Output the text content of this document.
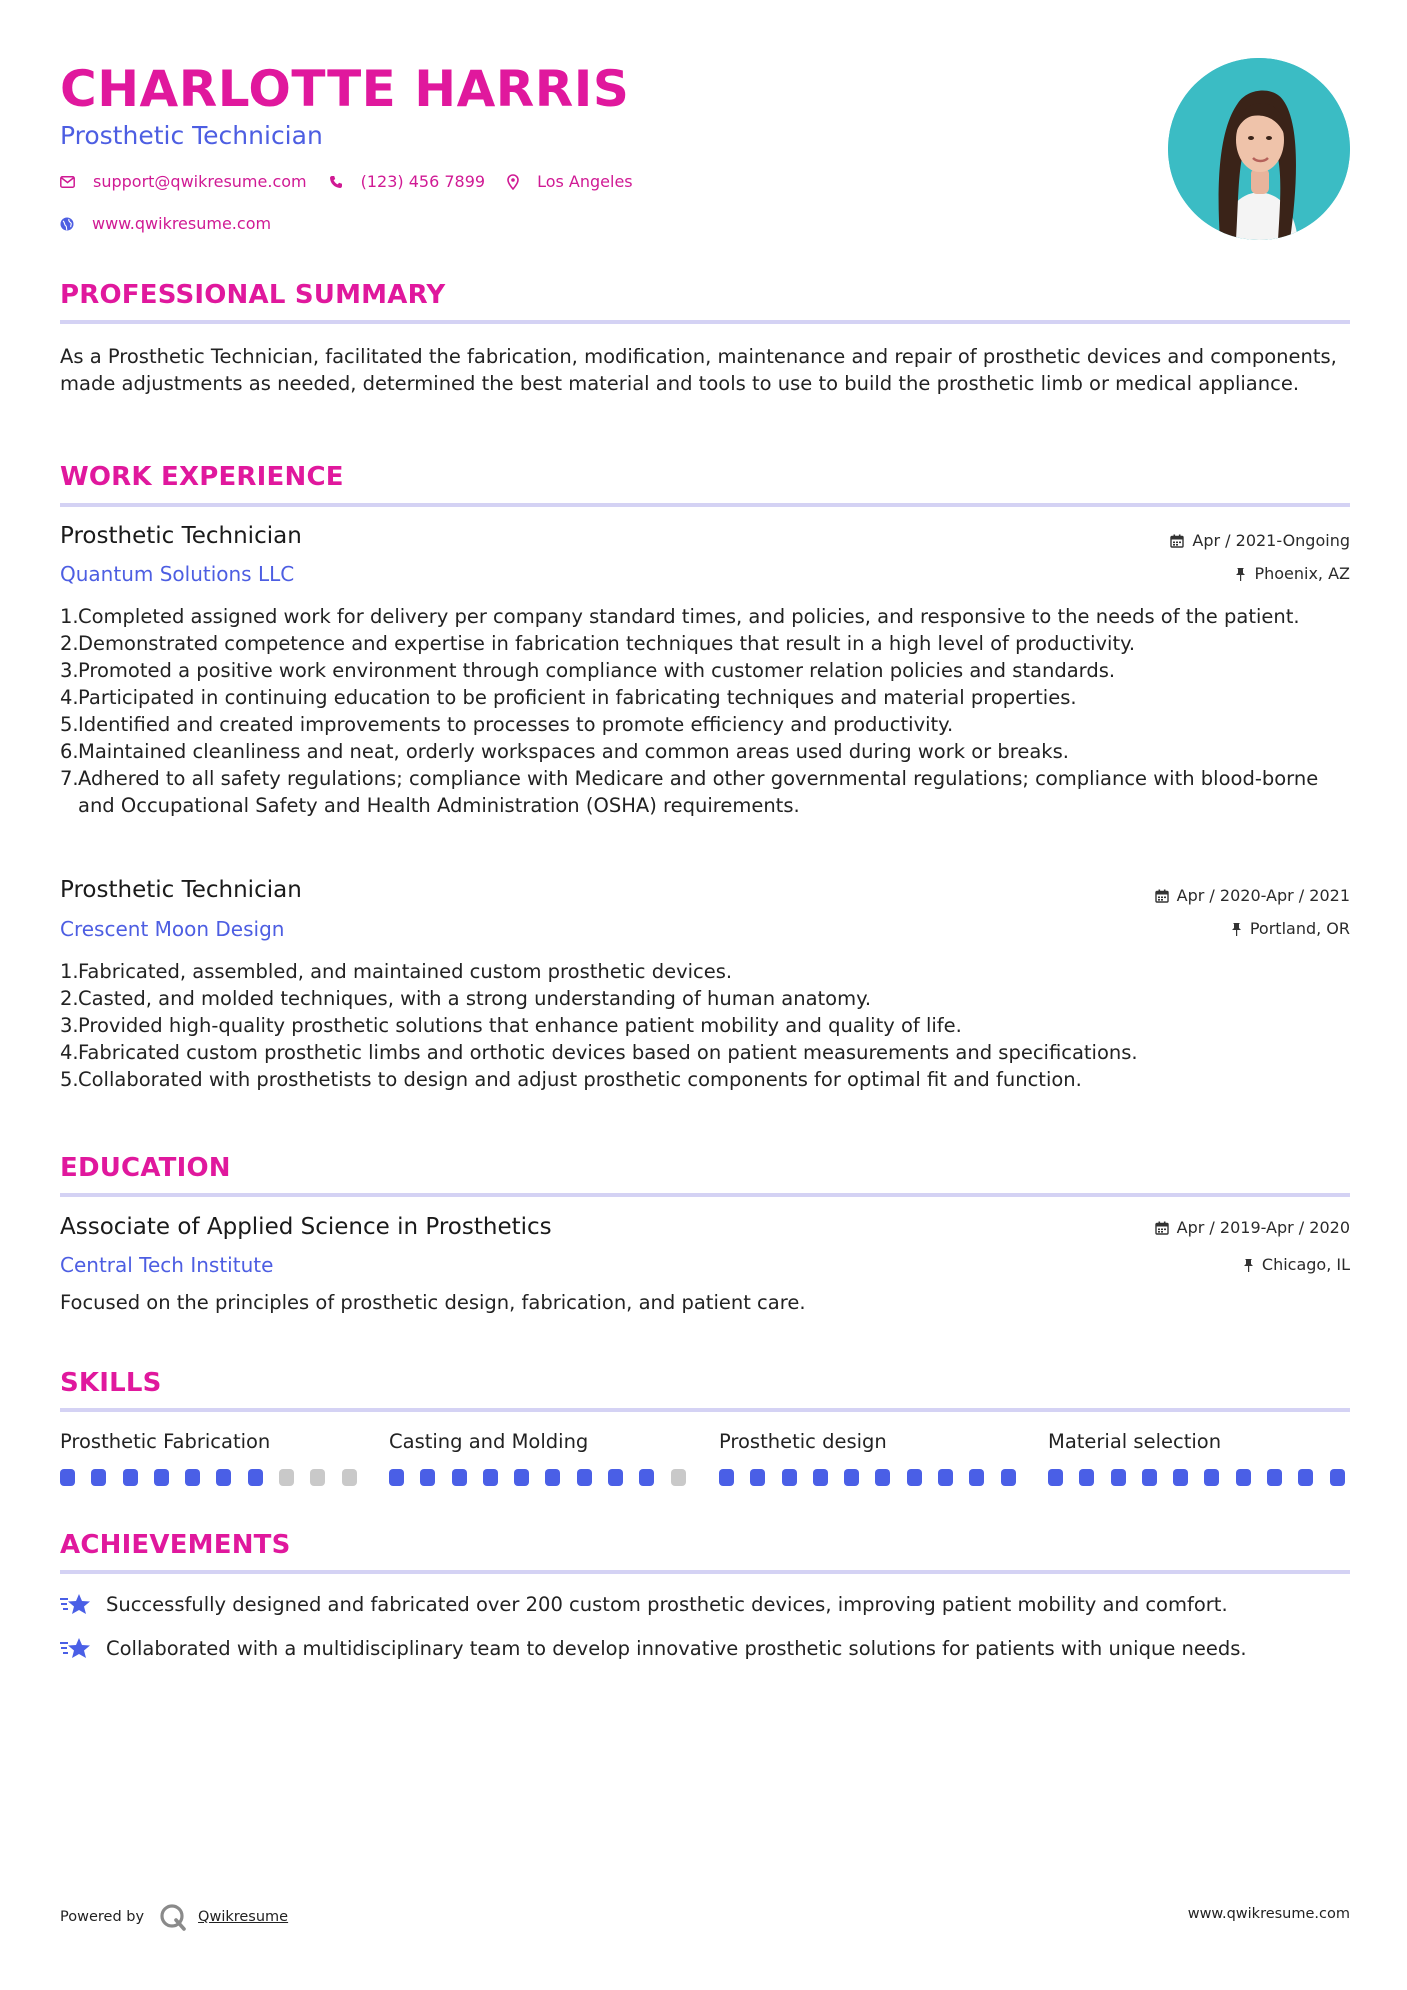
CHARLOTTE HARRIS
Prosthetic Technician
support@qwikresume.com	(123) 456 7899	Los Angeles
www.qwikresume.com
PROFESSIONAL SUMMARY
As a Prosthetic Technician, facilitated the fabrication, modification, maintenance and repair of prosthetic devices and components, made adjustments as needed, determined the best material and tools to use to build the prosthetic limb or medical appliance.
WORK EXPERIENCE
Prosthetic Technician	Apr / 2021-Ongoing
Quantum Solutions LLC	Phoenix, AZ
1. Completed assigned work for delivery per company standard times, and policies, and responsive to the needs of the patient.
2. Demonstrated competence and expertise in fabrication techniques that result in a high level of productivity.
3. Promoted a positive work environment through compliance with customer relation policies and standards.
4. Participated in continuing education to be proficient in fabricating techniques and material properties.
5. Identified and created improvements to processes to promote efficiency and productivity.
6. Maintained cleanliness and neat, orderly workspaces and common areas used during work or breaks.
7. Adhered to all safety regulations; compliance with Medicare and other governmental regulations; compliance with blood-borne and Occupational Safety and Health Administration (OSHA) requirements.
Prosthetic Technician	Apr / 2020-Apr / 2021
Crescent Moon Design	Portland, OR
1. Fabricated, assembled, and maintained custom prosthetic devices.
2. Casted, and molded techniques, with a strong understanding of human anatomy.
3. Provided high-quality prosthetic solutions that enhance patient mobility and quality of life.
4. Fabricated custom prosthetic limbs and orthotic devices based on patient measurements and specifications.
5. Collaborated with prosthetists to design and adjust prosthetic components for optimal fit and function.
EDUCATION
Associate of Applied Science in Prosthetics	Apr / 2019-Apr / 2020
Central Tech Institute	Chicago, IL
Focused on the principles of prosthetic design, fabrication, and patient care.
SKILLS
Prosthetic Fabrication	Casting and Molding	Prosthetic design	Material selection
ACHIEVEMENTS
Successfully designed and fabricated over 200 custom prosthetic devices, improving patient mobility and comfort.
Collaborated with a multidisciplinary team to develop innovative prosthetic solutions for patients with unique needs.
Powered by	Qwikresume	www.qwikresume.com
